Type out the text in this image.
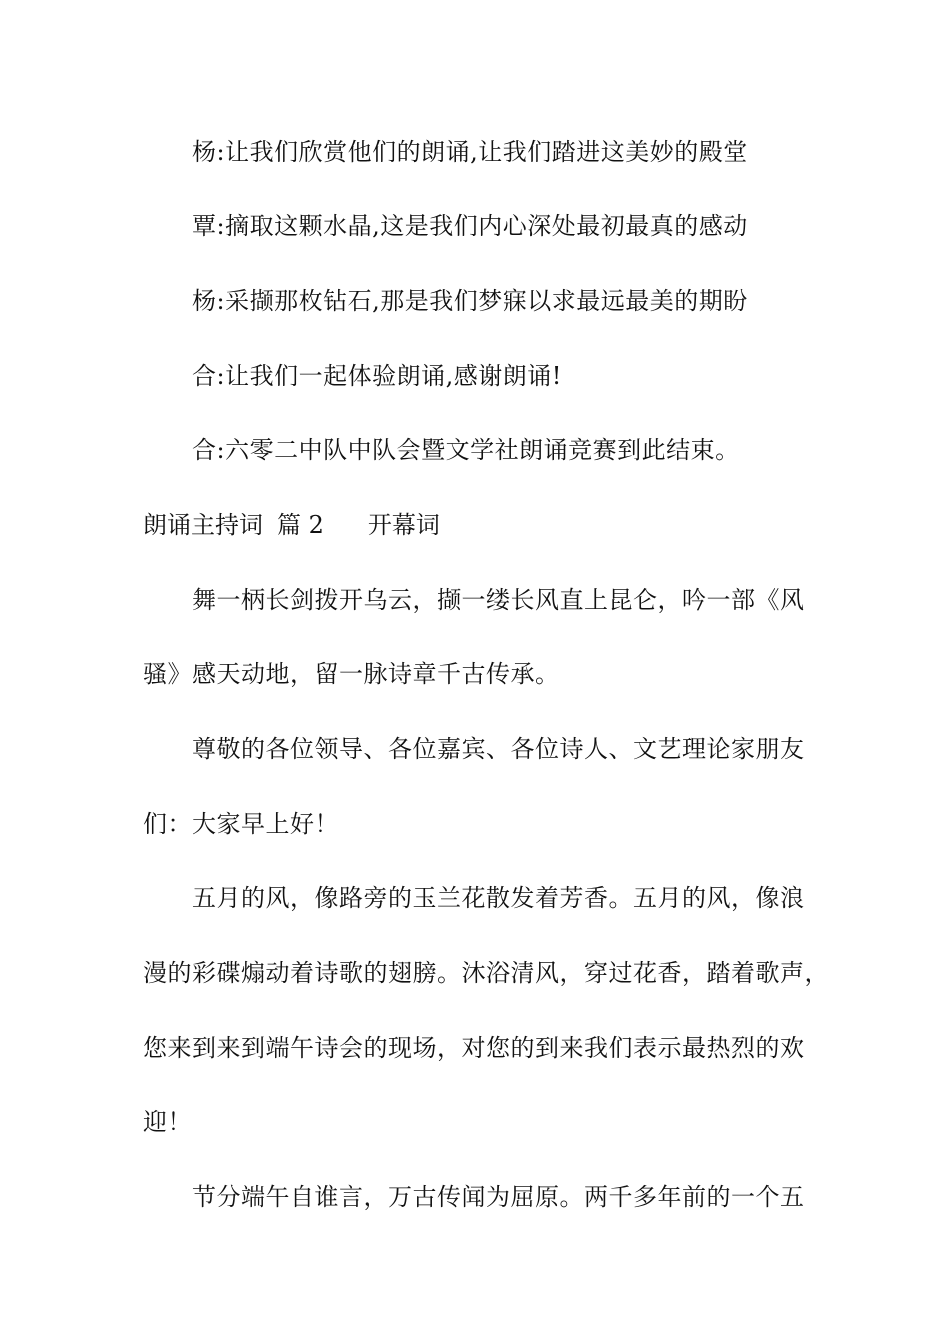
杨:让我们欣赏他们的朗诵,让我们踏进这美妙的殿堂
覃:摘取这颗水晶,这是我们内心深处最初最真的感动
杨:采撷那枚钻石,那是我们梦寐以求最远最美的期盼
合:让我们一起体验朗诵,感谢朗诵!
合:六零二中队中队会暨文学社朗诵竞赛到此结束。
朗诵主持词 篇 2 开幕词
舞一柄长剑拨开乌云，撷一缕长风直上昆仑，吟一部《风
骚》感天动地，留一脉诗章千古传承。
尊敬的各位领导、各位嘉宾、各位诗人、文艺理论家朋友
们：大家早上好！
五月的风，像路旁的玉兰花散发着芳香。五月的风，像浪
漫的彩碟煽动着诗歌的翅膀。沐浴清风，穿过花香，踏着歌声，
您来到来到端午诗会的现场，对您的到来我们表示最热烈的欢
迎！
节分端午自谁言，万古传闻为屈原。两千多年前的一个五
